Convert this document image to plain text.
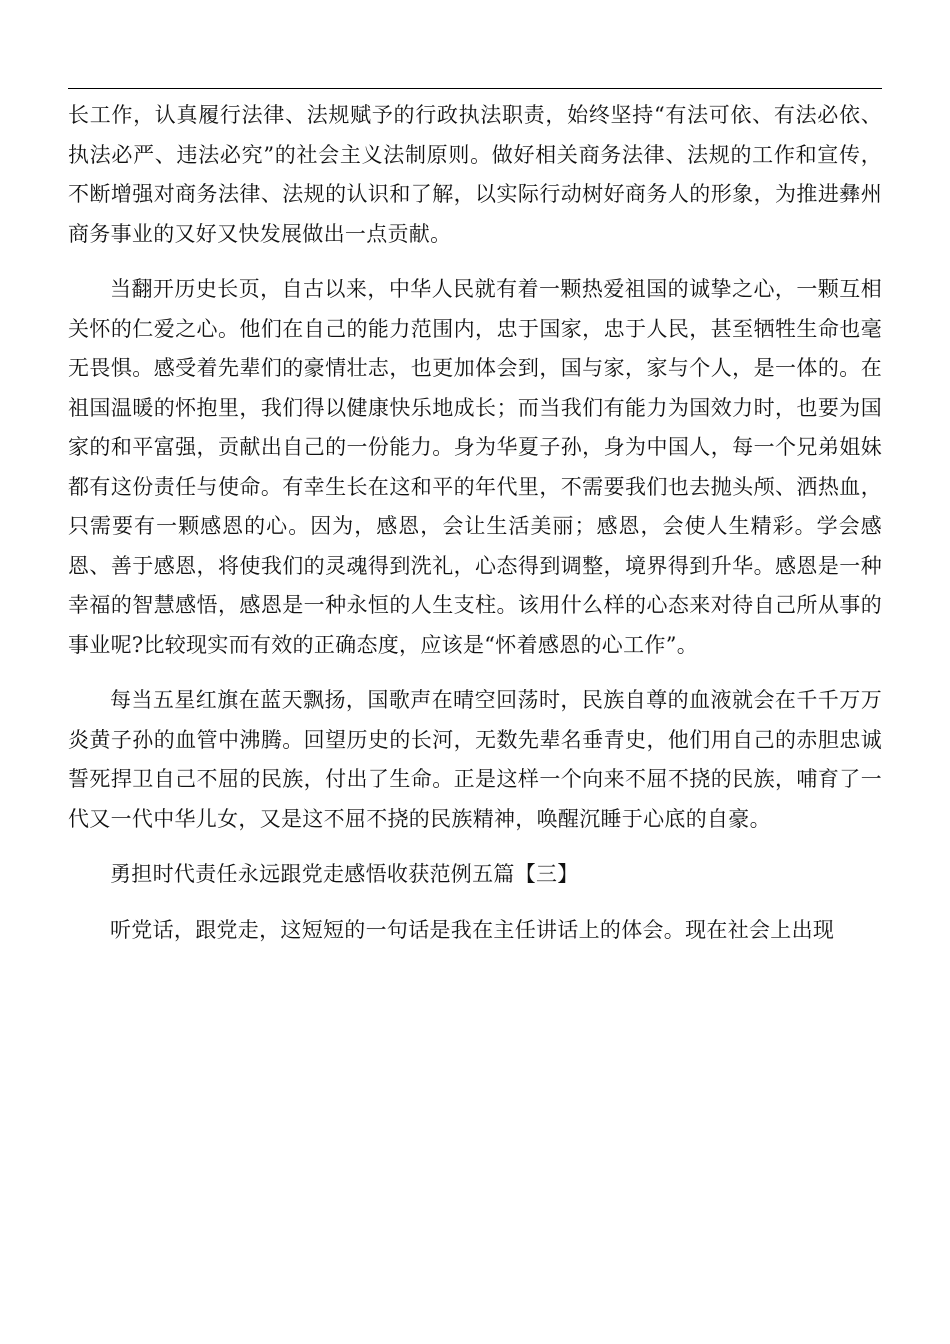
长工作，认真履行法律、法规赋予的行政执法职责，始终坚持“有法可依、有法必依、执法必严、违法必究”的社会主义法制原则。做好相关商务法律、法规的工作和宣传，不断增强对商务法律、法规的认识和了解，以实际行动树好商务人的形象，为推进彝州商务事业的又好又快发展做出一点贡献。

当翻开历史长页，自古以来，中华人民就有着一颗热爱祖国的诚挚之心，一颗互相关怀的仁爱之心。他们在自己的能力范围内，忠于国家，忠于人民，甚至牺牲生命也毫无畏惧。感受着先辈们的豪情壮志，也更加体会到，国与家，家与个人，是一体的。在祖国温暖的怀抱里，我们得以健康快乐地成长；而当我们有能力为国效力时，也要为国家的和平富强，贡献出自己的一份能力。身为华夏子孙，身为中国人，每一个兄弟姐妹都有这份责任与使命。有幸生长在这和平的年代里，不需要我们也去抛头颅、洒热血，只需要有一颗感恩的心。因为，感恩，会让生活美丽；感恩，会使人生精彩。学会感恩、善于感恩，将使我们的灵魂得到洗礼，心态得到调整，境界得到升华。感恩是一种幸福的智慧感悟，感恩是一种永恒的人生支柱。该用什么样的心态来对待自己所从事的事业呢?比较现实而有效的正确态度，应该是“怀着感恩的心工作”。

每当五星红旗在蓝天飘扬，国歌声在晴空回荡时，民族自尊的血液就会在千千万万炎黄子孙的血管中沸腾。回望历史的长河，无数先辈名垂青史，他们用自己的赤胆忠诚誓死捍卫自己不屈的民族，付出了生命。正是这样一个向来不屈不挠的民族，哺育了一代又一代中华儿女，又是这不屈不挠的民族精神，唤醒沉睡于心底的自豪。

勇担时代责任永远跟党走感悟收获范例五篇【三】

听党话，跟党走，这短短的一句话是我在主任讲话上的体会。现在社会上出现
